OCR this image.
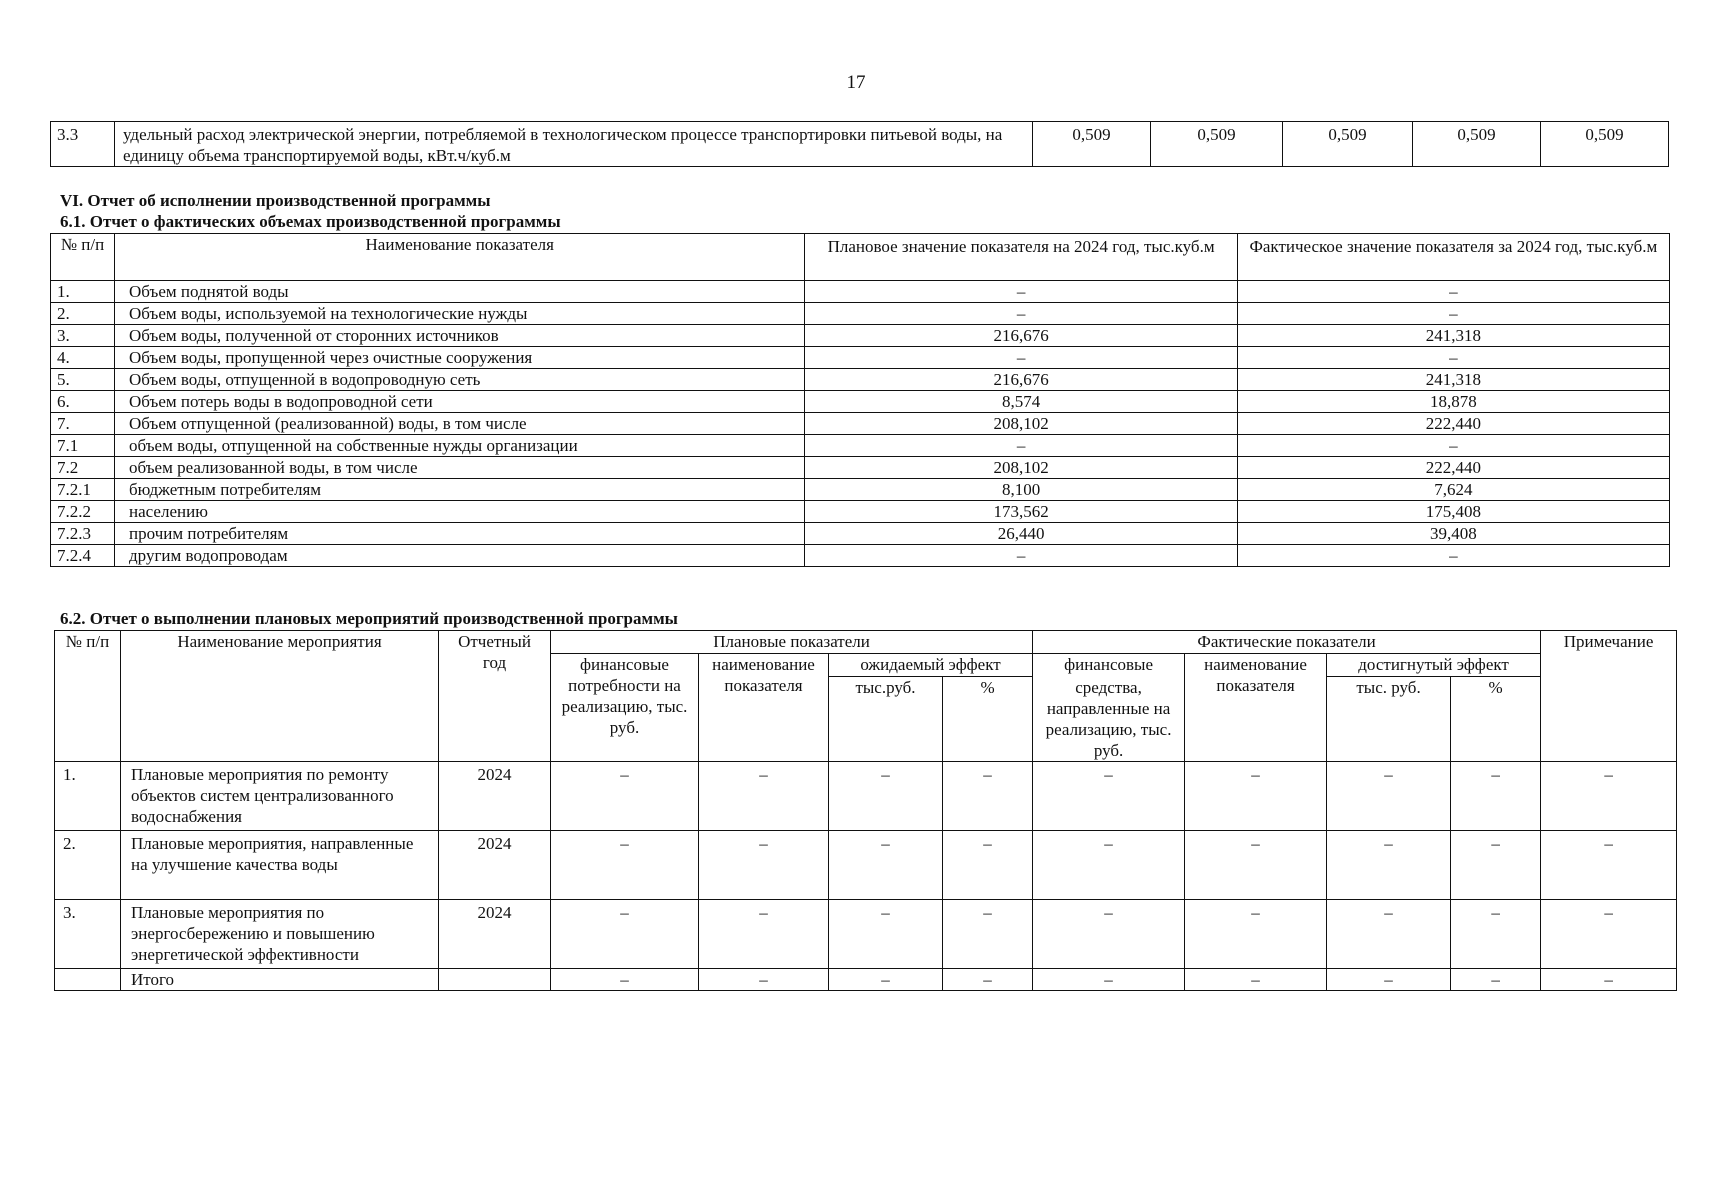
17
3.3	удельный расход электрической энергии, потребляемой в технологическом процессе транспортировки питьевой воды, на единицу объема транспортируемой воды, кВт.ч/куб.м	0,509	0,509	0,509	0,509	0,509
VI. Отчет об исполнении производственной программы
6.1. Отчет о фактических объемах производственной программы
№ п/п	Наименование показателя	Плановое значение показателя на 2024 год, тыс.куб.м	Фактическое значение показателя за 2024 год, тыс.куб.м
1.	Объем поднятой воды	–	–
2.	Объем воды, используемой на технологические нужды	–	–
3.	Объем воды, полученной от сторонних источников	216,676	241,318
4.	Объем воды, пропущенной через очистные сооружения	–	–
5.	Объем воды, отпущенной в водопроводную сеть	216,676	241,318
6.	Объем потерь воды в водопроводной сети	8,574	18,878
7.	Объем отпущенной (реализованной) воды, в том числе	208,102	222,440
7.1	объем воды, отпущенной на собственные нужды организации	–	–
7.2	объем реализованной воды, в том числе	208,102	222,440
7.2.1	бюджетным потребителям	8,100	7,624
7.2.2	населению	173,562	175,408
7.2.3	прочим потребителям	26,440	39,408
7.2.4	другим водопроводам	–	–
6.2. Отчет о выполнении плановых мероприятий производственной программы
№ п/п	Наименование мероприятия	Отчетный год	Плановые показатели				Фактические показатели				Примечание
			финансовые потребности на реализацию, тыс. руб.	наименование показателя	ожидаемый эффект		финансовые	наименование показателя	достигнутый эффект		
					тыс.руб.	%	средства, направленные на реализацию, тыс. руб.		тыс. руб.	%	
1.	Плановые мероприятия по ремонту объектов систем централизованного водоснабжения	2024	–	–	–	–	–	–	–	–	–
2.	Плановые мероприятия, направленные на улучшение качества воды	2024	–	–	–	–	–	–	–	–	–
3.	Плановые мероприятия по энергосбережению и повышению энергетической эффективности	2024	–	–	–	–	–	–	–	–	–
	Итого		–	–	–	–	–	–	–	–	–
